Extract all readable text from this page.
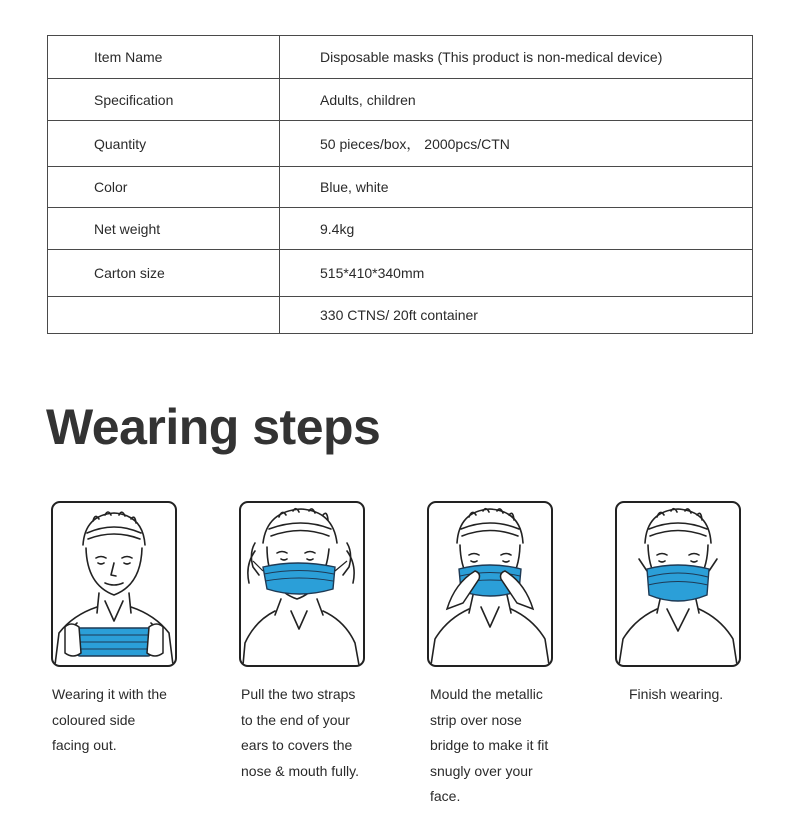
Item Name	Disposable masks (This product is non-medical device)
Specification	Adults, children
Quantity	50 pieces/box， 2000pcs/CTN
Color	Blue, white
Net weight	9.4kg
Carton size	515*410*340mm
	330 CTNS/ 20ft container
Wearing steps
Wearing it with the
coloured side
facing out.
Pull the two straps
to the end of your
ears to covers the
nose & mouth fully.
Mould the metallic
strip over nose
bridge to make it fit
snugly over your
face.
Finish wearing.
